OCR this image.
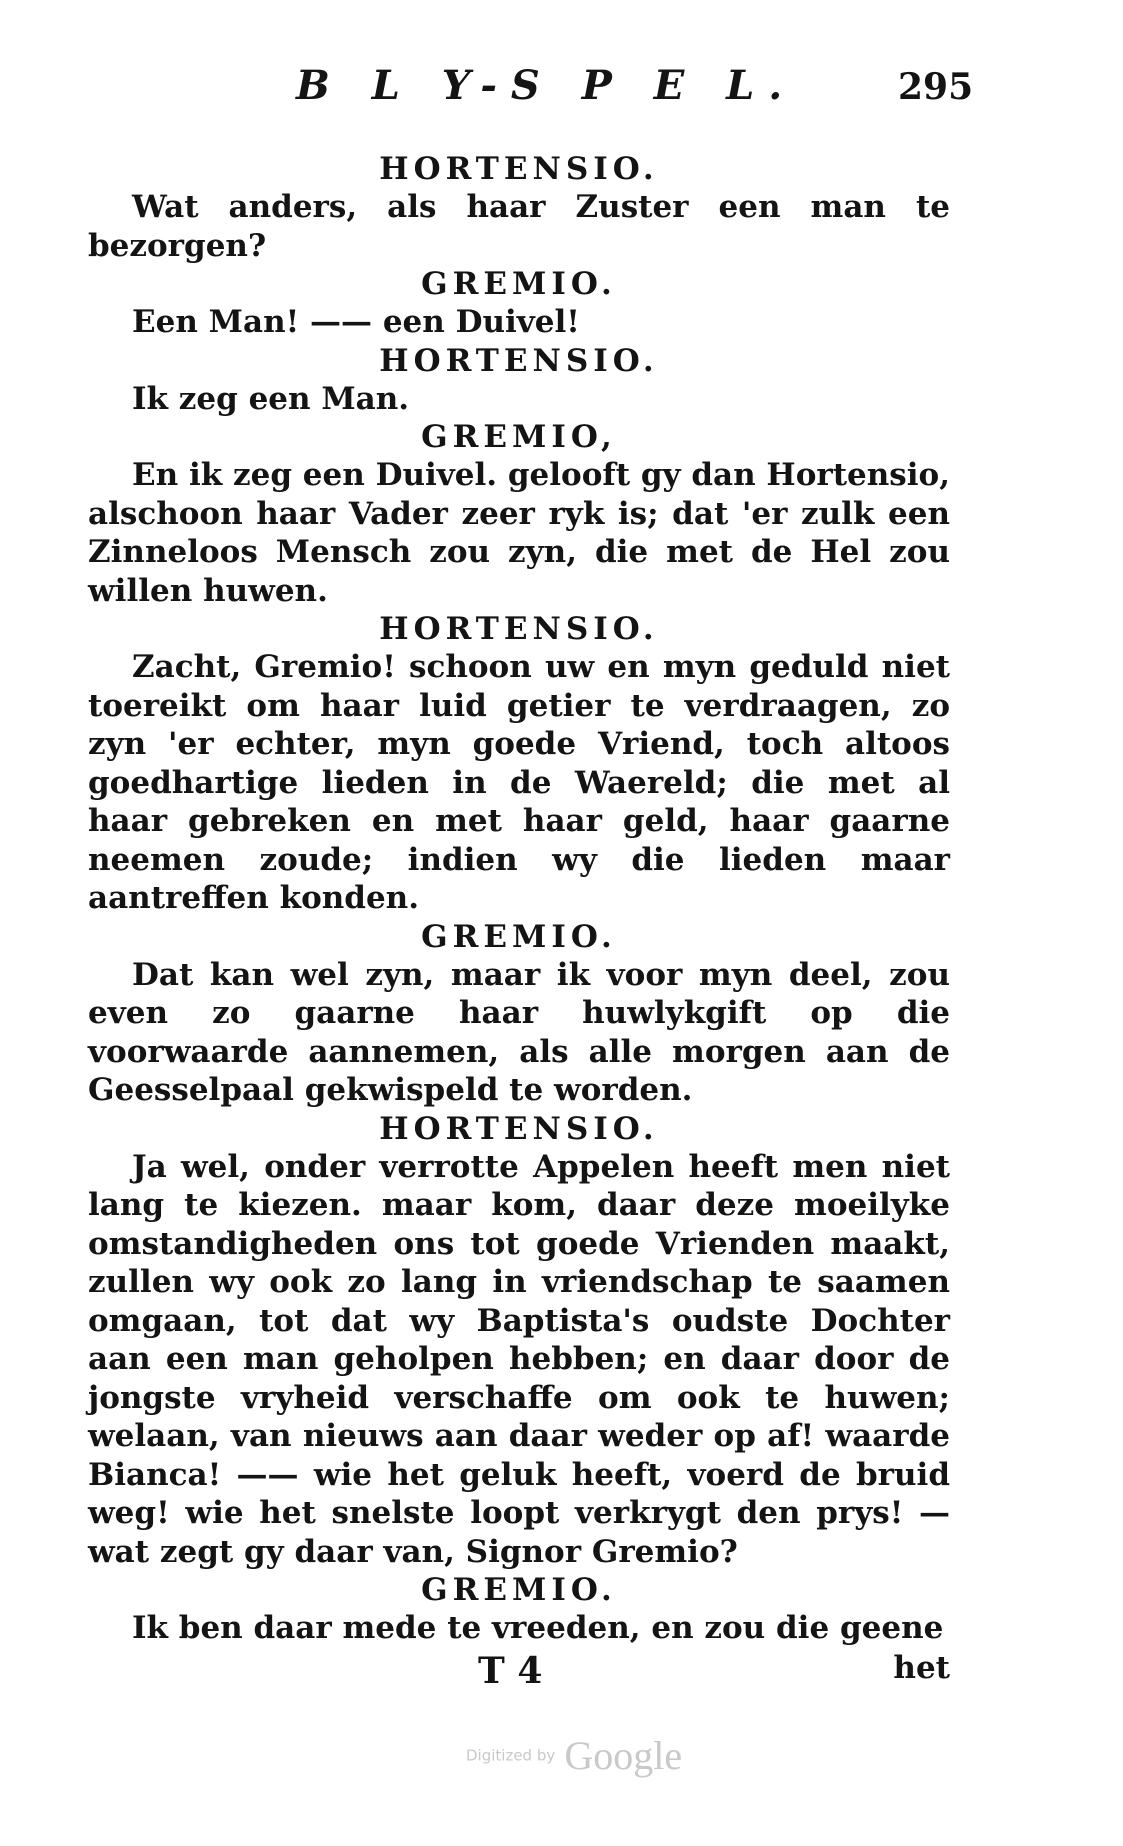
B L Y-S P E L.	295
HORTENSIO.

Wat anders, als haar Zuster een man te bezorgen?

GREMIO.

Een Man! —— een Duivel!

HORTENSIO.

Ik zeg een Man.

GREMIO,

En ik zeg een Duivel. gelooft gy dan Hortensio, alschoon haar Vader zeer ryk is; dat 'er zulk een Zinneloos Mensch zou zyn, die met de Hel zou willen huwen.

HORTENSIO.

Zacht, Gremio! schoon uw en myn geduld niet toereikt om haar luid getier te verdraagen, zo zyn 'er echter, myn goede Vriend, toch altoos goedhartige lieden in de Waereld; die met al haar gebreken en met haar geld, haar gaarne neemen zoude; indien wy die lieden maar aantreffen konden.

GREMIO.

Dat kan wel zyn, maar ik voor myn deel, zou even zo gaarne haar huwlykgift op die voorwaarde aannemen, als alle morgen aan de Geesselpaal gekwispeld te worden.

HORTENSIO.

Ja wel, onder verrotte Appelen heeft men niet lang te kiezen. maar kom, daar deze moeilyke omstandigheden ons tot goede Vrienden maakt, zullen wy ook zo lang in vriendschap te saamen omgaan, tot dat wy Baptista's oudste Dochter aan een man geholpen hebben; en daar door de jongste vryheid verschaffe om ook te huwen; welaan, van nieuws aan daar weder op af! waarde Bianca! —— wie het geluk heeft, voerd de bruid weg! wie het snelste loopt verkrygt den prys! — wat zegt gy daar van, Signor Gremio?

GREMIO.

Ik ben daar mede te vreeden, en zou die geene

T 4	het
Digitized by Google
